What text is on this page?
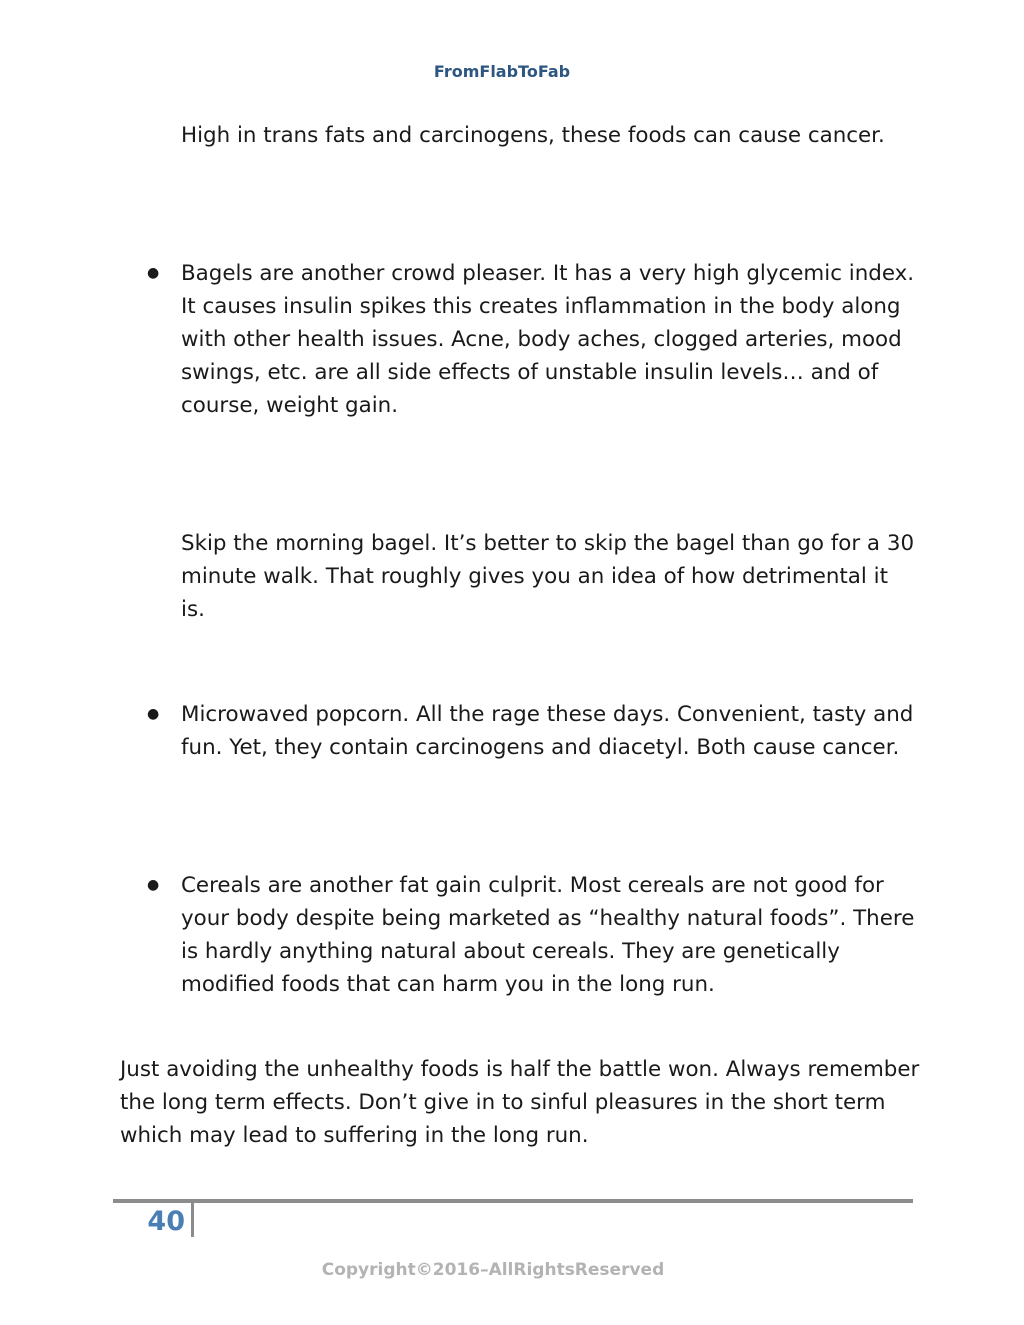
FromFlabToFab

High in trans fats and carcinogens, these foods can cause cancer.

● Bagels are another crowd pleaser. It has a very high glycemic index. It causes insulin spikes this creates inflammation in the body along with other health issues. Acne, body aches, clogged arteries, mood swings, etc. are all side effects of unstable insulin levels… and of course, weight gain.

Skip the morning bagel. It’s better to skip the bagel than go for a 30 minute walk. That roughly gives you an idea of how detrimental it is.

● Microwaved popcorn. All the rage these days. Convenient, tasty and fun. Yet, they contain carcinogens and diacetyl. Both cause cancer.

● Cereals are another fat gain culprit. Most cereals are not good for your body despite being marketed as “healthy natural foods”. There is hardly anything natural about cereals. They are genetically modified foods that can harm you in the long run.

Just avoiding the unhealthy foods is half the battle won. Always remember the long term effects. Don’t give in to sinful pleasures in the short term which may lead to suffering in the long run.

40
Copyright©2016–AllRightsReserved
